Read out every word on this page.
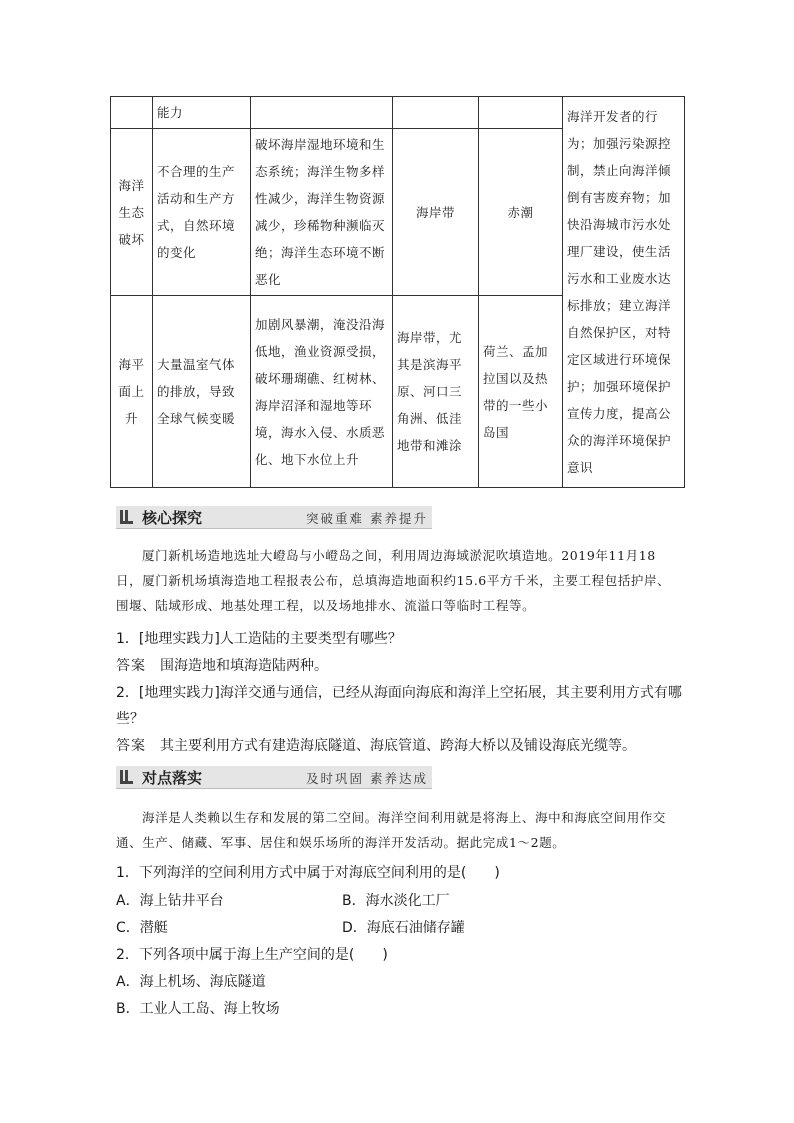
	能力				海洋开发者的行为；加强污染源控制，禁止向海洋倾倒有害废弃物；加快沿海城市污水处理厂建设，使生活污水和工业废水达标排放；建立海洋自然保护区，对特定区域进行环境保护；加强环境保护宣传力度，提高公众的海洋环境保护意识
海洋生态破坏	不合理的生产活动和生产方式，自然环境的变化	破坏海岸湿地环境和生态系统；海洋生物多样性减少，海洋生物资源减少，珍稀物种濒临灭绝；海洋生态环境不断恶化	海岸带	赤潮	
海平面上升	大量温室气体的排放，导致全球气候变暖	加剧风暴潮，淹没沿海低地，渔业资源受损，破坏珊瑚礁、红树林、海岸沼泽和湿地等环境，海水入侵、水质恶化、地下水位上升	海岸带，尤其是滨海平原、河口三角洲、低洼地带和滩涂	荷兰、孟加拉国以及热带的一些小岛国	
核心探究	突破重难 素养提升

厦门新机场造地选址大嶝岛与小嶝岛之间，利用周边海域淤泥吹填造地。2019年11月18日，厦门新机场填海造地工程报表公布，总填海造地面积约15.6平方千米，主要工程包括护岸、围堰、陆域形成、地基处理工程，以及场地排水、流溢口等临时工程等。

1．[地理实践力]人工造陆的主要类型有哪些？
答案 围海造地和填海造陆两种。
2．[地理实践力]海洋交通与通信，已经从海面向海底和海洋上空拓展，其主要利用方式有哪些？
答案 其主要利用方式有建造海底隧道、海底管道、跨海大桥以及铺设海底光缆等。
对点落实	及时巩固 素养达成

海洋是人类赖以生存和发展的第二空间。海洋空间利用就是将海上、海中和海底空间用作交通、生产、储藏、军事、居住和娱乐场所的海洋开发活动。据此完成1～2题。

1．下列海洋的空间利用方式中属于对海底空间利用的是(　　)
A．海上钻井平台	B．海水淡化工厂
C．潜艇	D．海底石油储存罐
2．下列各项中属于海上生产空间的是(　　)
A．海上机场、海底隧道
B．工业人工岛、海上牧场
